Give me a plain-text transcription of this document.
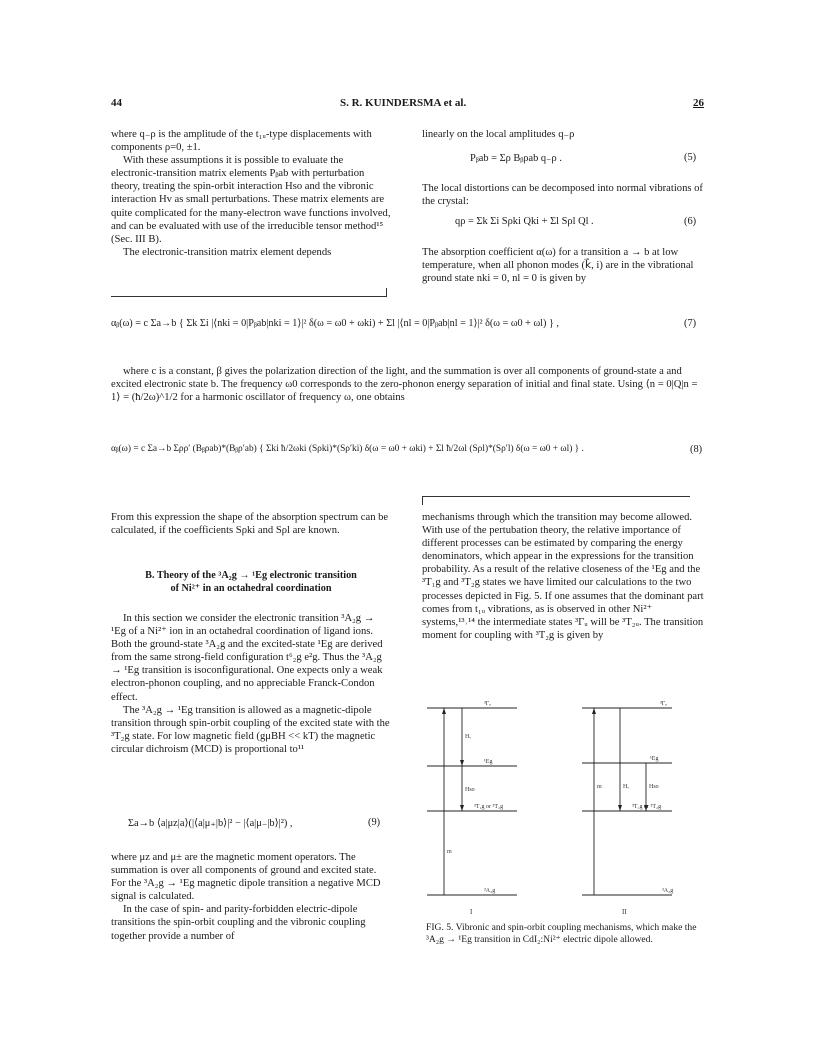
44	S. R. KUINDERSMA et al.	26

where q₋ρ is the amplitude of the t₁ᵤ-type displacements with components ρ=0, ±1.

With these assumptions it is possible to evaluate the electronic-transition matrix elements Pᵦab with perturbation theory, treating the spin-orbit interaction Hso and the vibronic interaction Hv as small perturbations. These matrix elements are quite complicated for the many-electron wave functions involved, and can be evaluated with use of the irreducible tensor method¹⁵ (Sec. III B).

The electronic-transition matrix element depends

linearly on the local amplitudes q₋ρ

Pᵦab = Σρ Bᵦρab q₋ρ .	(5)

The local distortions can be decomposed into normal vibrations of the crystal:

qρ = Σk Σi Sρki Qki + Σl Sρl Ql .	(6)

The absorption coefficient α(ω) for a transition a → b at low temperature, when all phonon modes (k⃗, i) are in the vibrational ground state nki = 0, nl = 0 is given by

αᵦ(ω) = c Σa→b { Σk Σi |⟨nki = 0|Pᵦab|nki = 1⟩|² δ(ω = ω0 + ωki) + Σl |⟨nl = 0|Pᵦab|nl = 1⟩|² δ(ω = ω0 + ωl) } ,	(7)

where c is a constant, β gives the polarization direction of the light, and the summation is over all components of ground-state a and excited electronic state b. The frequency ω0 corresponds to the zero-phonon energy separation of initial and final state. Using ⟨n = 0|Q|n = 1⟩ = (ħ/2ω)^1/2 for a harmonic oscillator of frequency ω, one obtains

αᵦ(ω) = c Σa→b Σρρ′ (Bᵦρab)*(Bᵦρ′ab) { Σki ħ/2ωki (Sρki)*(Sρ′ki) δ(ω = ω0 + ωki) + Σl ħ/2ωl (Sρl)*(Sρ′l) δ(ω = ω0 + ωl) } .	(8)

From this expression the shape of the absorption spectrum can be calculated, if the coefficients Sρki and Sρl are known.

B. Theory of the ³A₂g → ¹Eg electronic transition
of Ni²⁺ in an octahedral coordination

In this section we consider the electronic transition ³A₂g → ¹Eg of a Ni²⁺ ion in an octahedral coordination of ligand ions. Both the ground-state ³A₂g and the excited-state ¹Eg are derived from the same strong-field configuration t⁶₂g e²g. Thus the ³A₂g → ¹Eg transition is isoconfigurational. One expects only a weak electron-phonon coupling, and no appreciable Franck-Condon effect.

The ³A₂g → ¹Eg transition is allowed as a magnetic-dipole transition through spin-orbit coupling of the excited state with the ³T₂g state. For low magnetic field (gμBH << kT) the magnetic circular dichroism (MCD) is proportional to¹¹

Σa→b ⟨a|μz|a⟩(|⟨a|μ₊|b⟩|² − |⟨a|μ₋|b⟩|²) ,	(9)

where μz and μ± are the magnetic moment operators. The summation is over all components of ground and excited state. For the ³A₂g → ¹Eg magnetic dipole transition a negative MCD signal is calculated.

In the case of spin- and parity-forbidden electric-dipole transitions the spin-orbit coupling and the vibronic coupling together provide a number of

mechanisms through which the transition may become allowed. With use of the pertubation theory, the relative importance of different processes can be estimated by comparing the energy denominators, which appear in the expressions for the transition probability. As a result of the relative closeness of the ¹Eg and the ³T₁g and ³T₂g states we have limited our calculations to the two processes depicted in Fig. 5. If one assumes that the dominant part comes from t₁ᵤ vibrations, as is observed in other Ni²⁺ systems,¹³˒¹⁴ the intermediate states ³Γᵤ will be ³T₂ᵤ. The transition moment for coupling with ³T₂g is given by

³Γᵤ
Hᵥ
¹Eg
Hso
³T₁g or ³T₂g
m
³A₂g
³Γᵤ
¹Eg
m	Hᵥ	Hso
³T₁g or ³T₂g
³A₂g
I	II
FIG. 5. Vibronic and spin-orbit coupling mechanisms, which make the ³A₂g → ¹Eg transition in CdI₂:Ni²⁺ electric dipole allowed.
